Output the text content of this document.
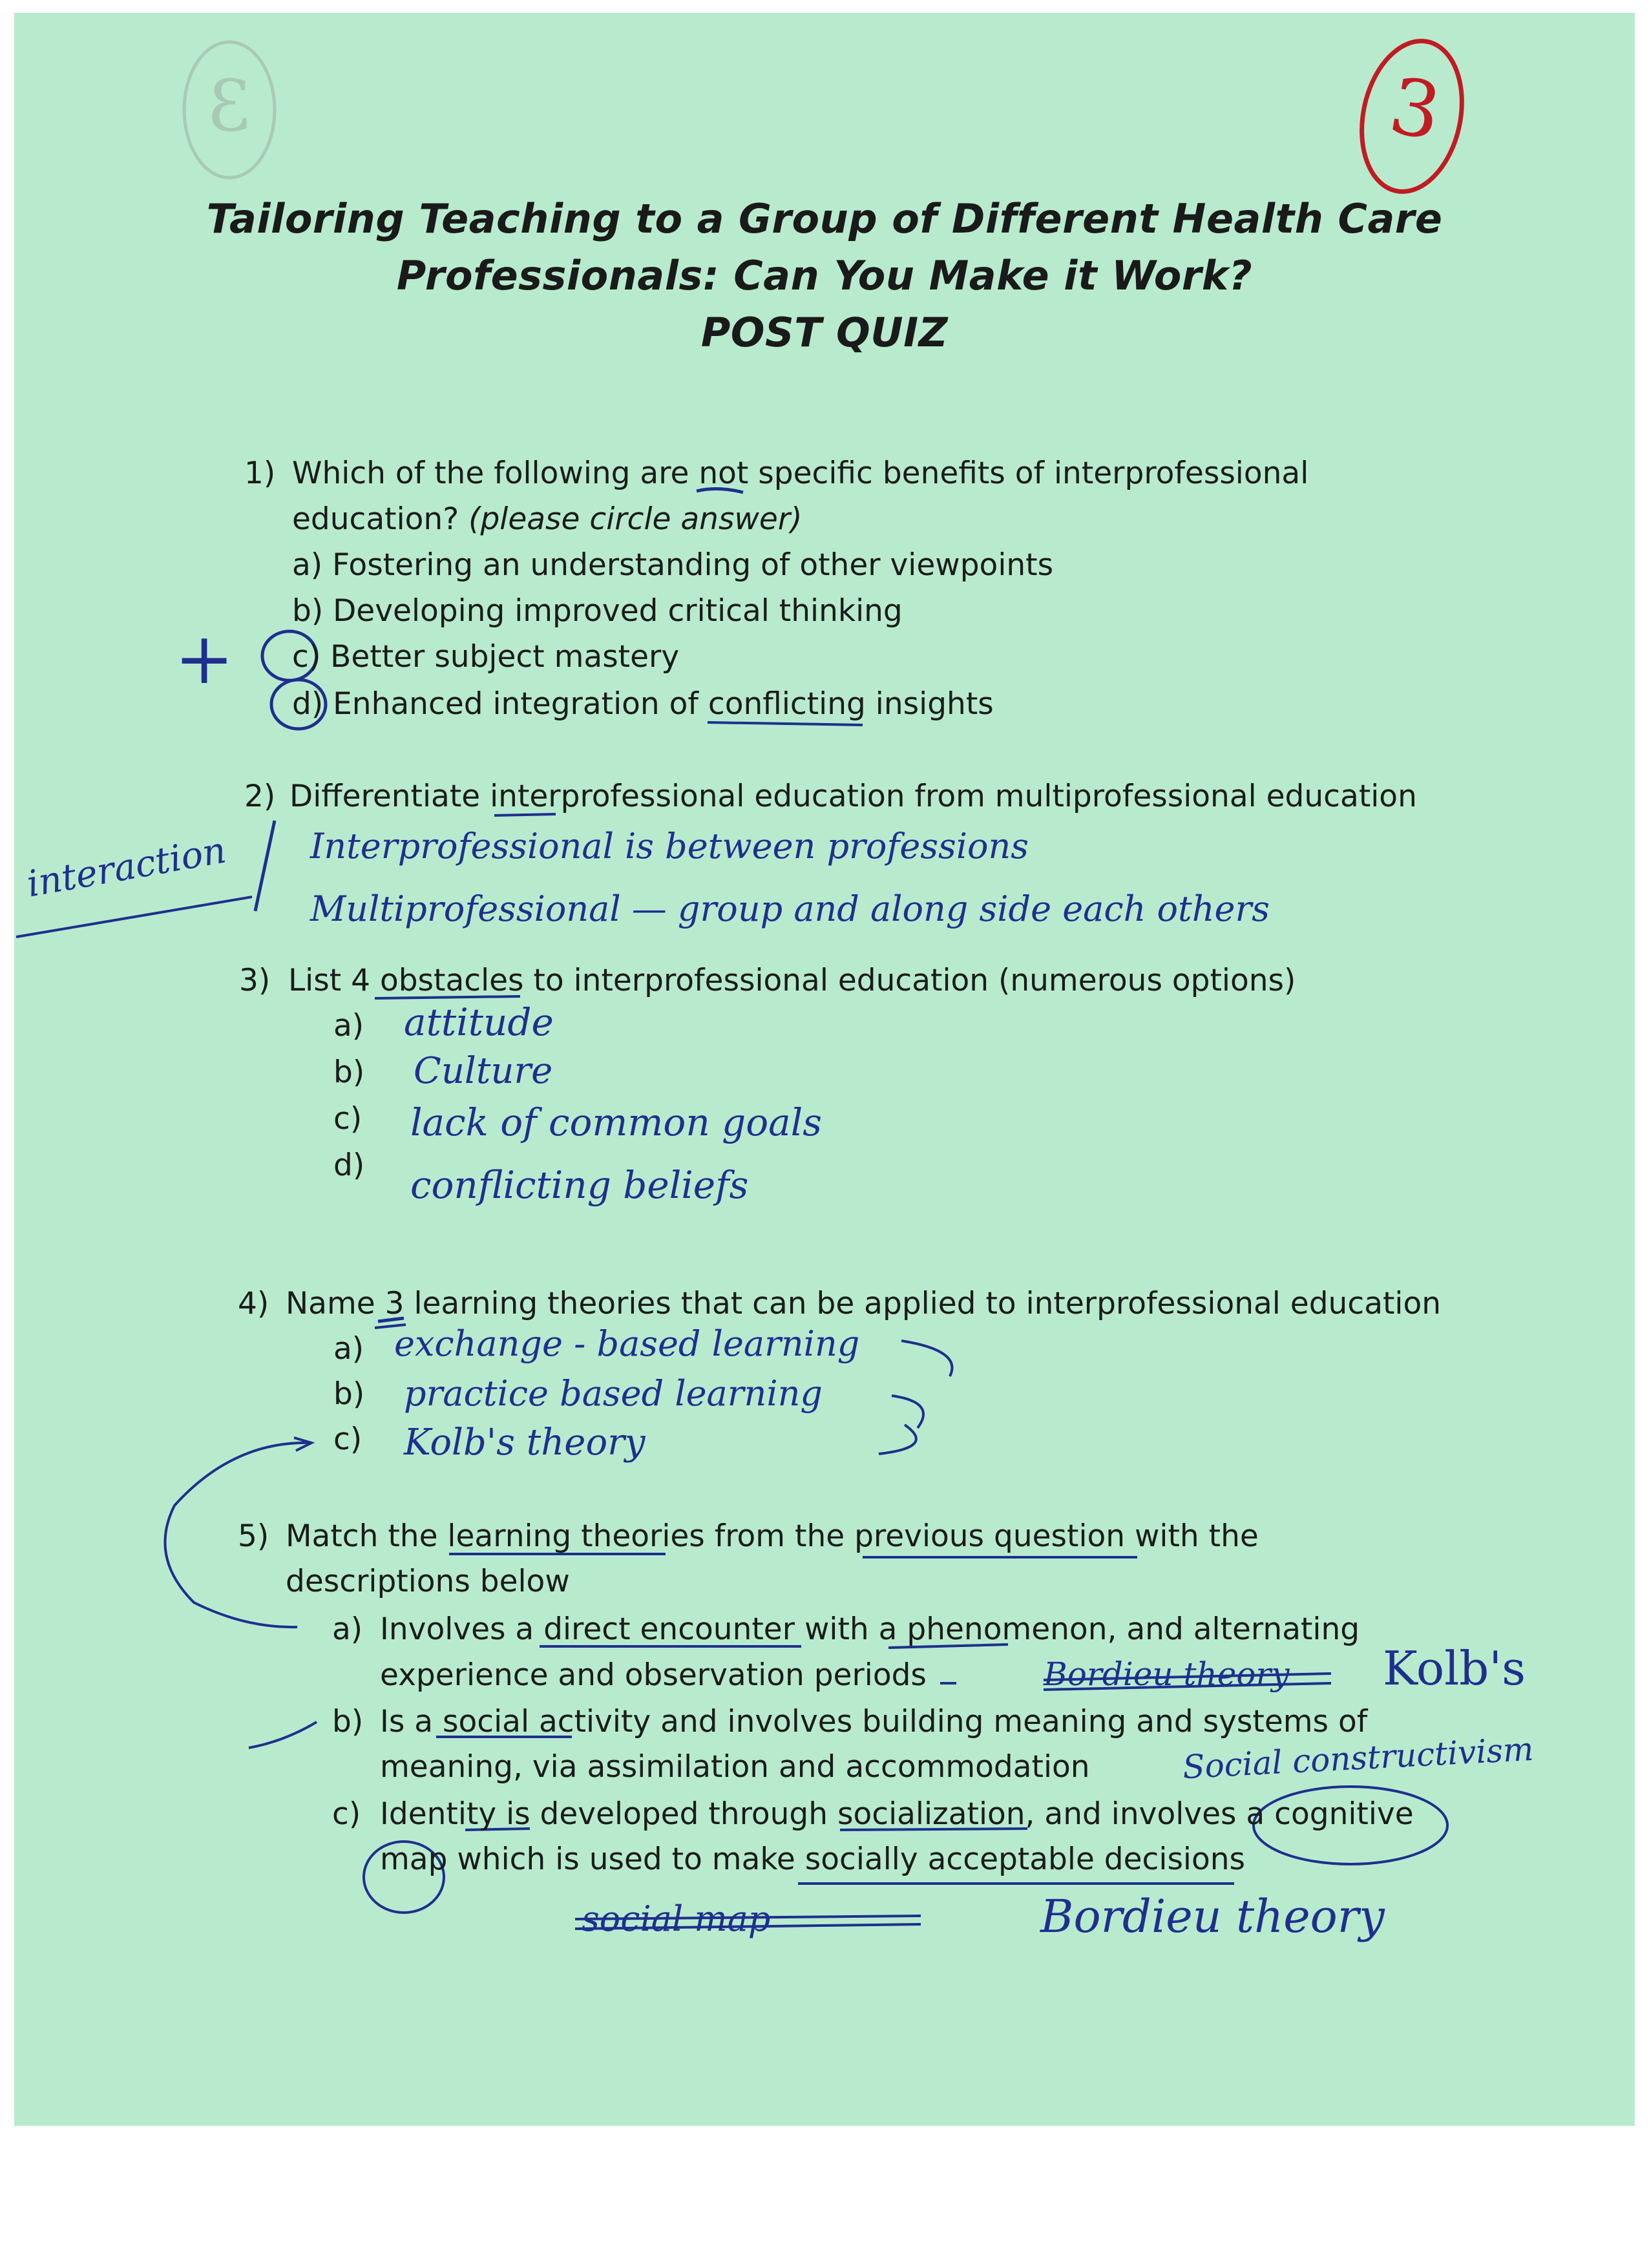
3
3
Tailoring Teaching to a Group of Different Health Care
Professionals: Can You Make it Work?
POST QUIZ
1) Which of the following are not specific benefits of interprofessional
education? (please circle answer)
a) Fostering an understanding of other viewpoints
b) Developing improved critical thinking
c) Better subject mastery
d) Enhanced integration of conflicting insights
+
2) Differentiate interprofessional education from multiprofessional education
interaction Interprofessional is between professions
Multiprofessional — group and along side each others
3) List 4 obstacles to interprofessional education (numerous options)
a)
b)
c)
d)
attitude
Culture
lack of common goals
conflicting beliefs
4) Name 3 learning theories that can be applied to interprofessional education
a)
b)
c)
exchange - based learning
practice based learning
Kolb's theory
5) Match the learning theories from the previous question with the
descriptions below
a) Involves a direct encounter with a phenomenon, and alternating
experience and observation periods	Bordieu theory Kolb's
b) Is a social activity and involves building meaning and systems of
meaning, via assimilation and accommodation	Social constructivism
c) Identity is developed through socialization, and involves a cognitive
map which is used to make socially acceptable decisions
social map	Bordieu theory
